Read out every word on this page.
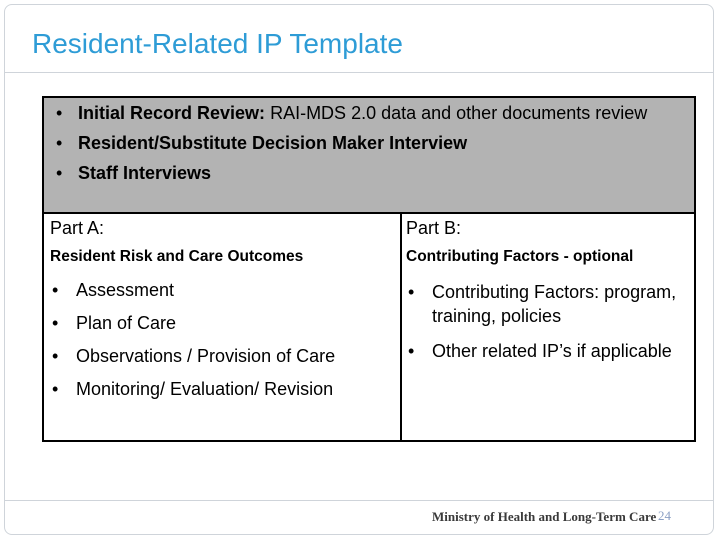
Resident-Related IP Template
• Initial Record Review: RAI-MDS 2.0 data and other documents review
• Resident/Substitute Decision Maker Interview
• Staff Interviews
Part A:
Resident Risk and Care Outcomes
• Assessment
• Plan of Care
• Observations / Provision of Care
• Monitoring/ Evaluation/ Revision
Part B:
Contributing Factors - optional
• Contributing Factors: program, training, policies
• Other related IP’s if applicable
Ministry of Health and Long-Term Care 24
